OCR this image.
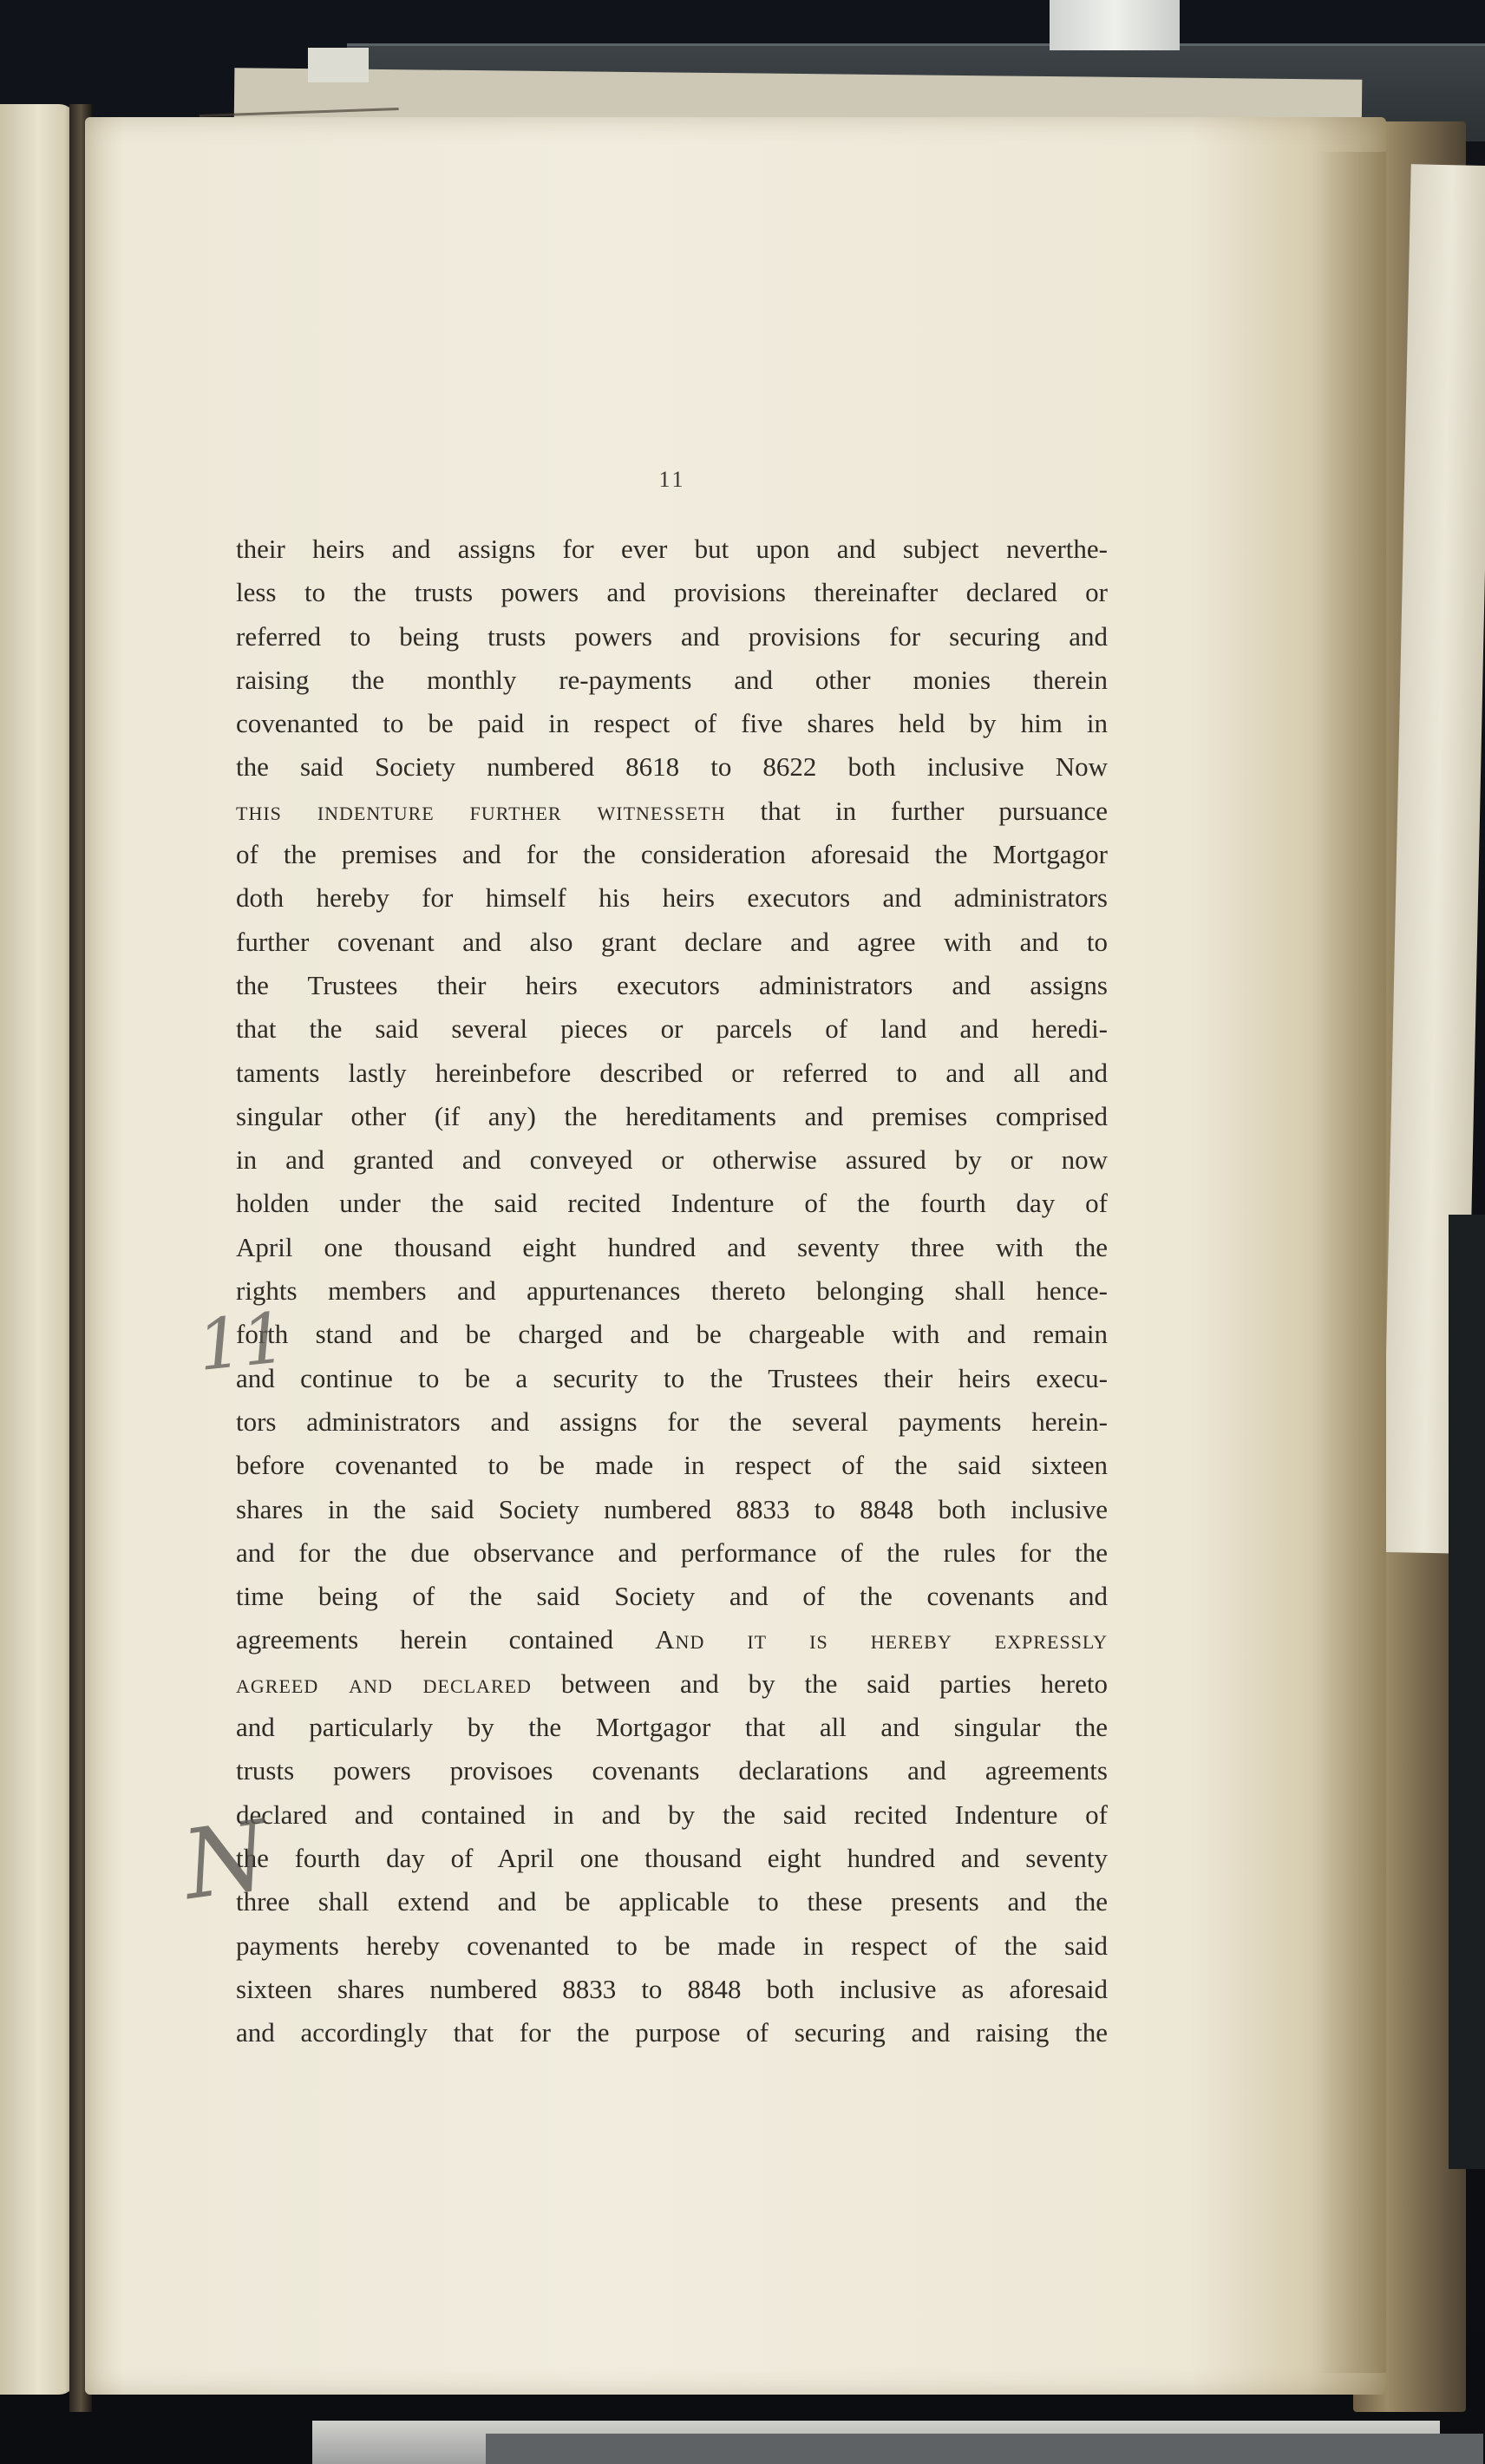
11
their heirs and assigns for ever but upon and subject neverthe-
less to the trusts powers and provisions thereinafter declared or
referred to being trusts powers and provisions for securing and
raising the monthly re-payments and other monies therein
covenanted to be paid in respect of five shares held by him in
the said Society numbered 8618 to 8622 both inclusive Now
this indenture further witnesseth that in further pursuance
of the premises and for the consideration aforesaid the Mortgagor
doth hereby for himself his heirs executors and administrators
further covenant and also grant declare and agree with and to
the Trustees their heirs executors administrators and assigns
that the said several pieces or parcels of land and heredi-
taments lastly hereinbefore described or referred to and all and
singular other (if any) the hereditaments and premises comprised
in and granted and conveyed or otherwise assured by or now
holden under the said recited Indenture of the fourth day of
April one thousand eight hundred and seventy three with the
rights members and appurtenances thereto belonging shall hence-
forth stand and be charged and be chargeable with and remain
and continue to be a security to the Trustees their heirs execu-
tors administrators and assigns for the several payments herein-
before covenanted to be made in respect of the said sixteen
shares in the said Society numbered 8833 to 8848 both inclusive
and for the due observance and performance of the rules for the
time being of the said Society and of the covenants and
agreements herein contained And it is hereby expressly
agreed and declared between and by the said parties hereto
and particularly by the Mortgagor that all and singular the
trusts powers provisoes covenants declarations and agreements
declared and contained in and by the said recited Indenture of
the fourth day of April one thousand eight hundred and seventy
three shall extend and be applicable to these presents and the
payments hereby covenanted to be made in respect of the said
sixteen shares numbered 8833 to 8848 both inclusive as aforesaid
and accordingly that for the purpose of securing and raising the
11
N
